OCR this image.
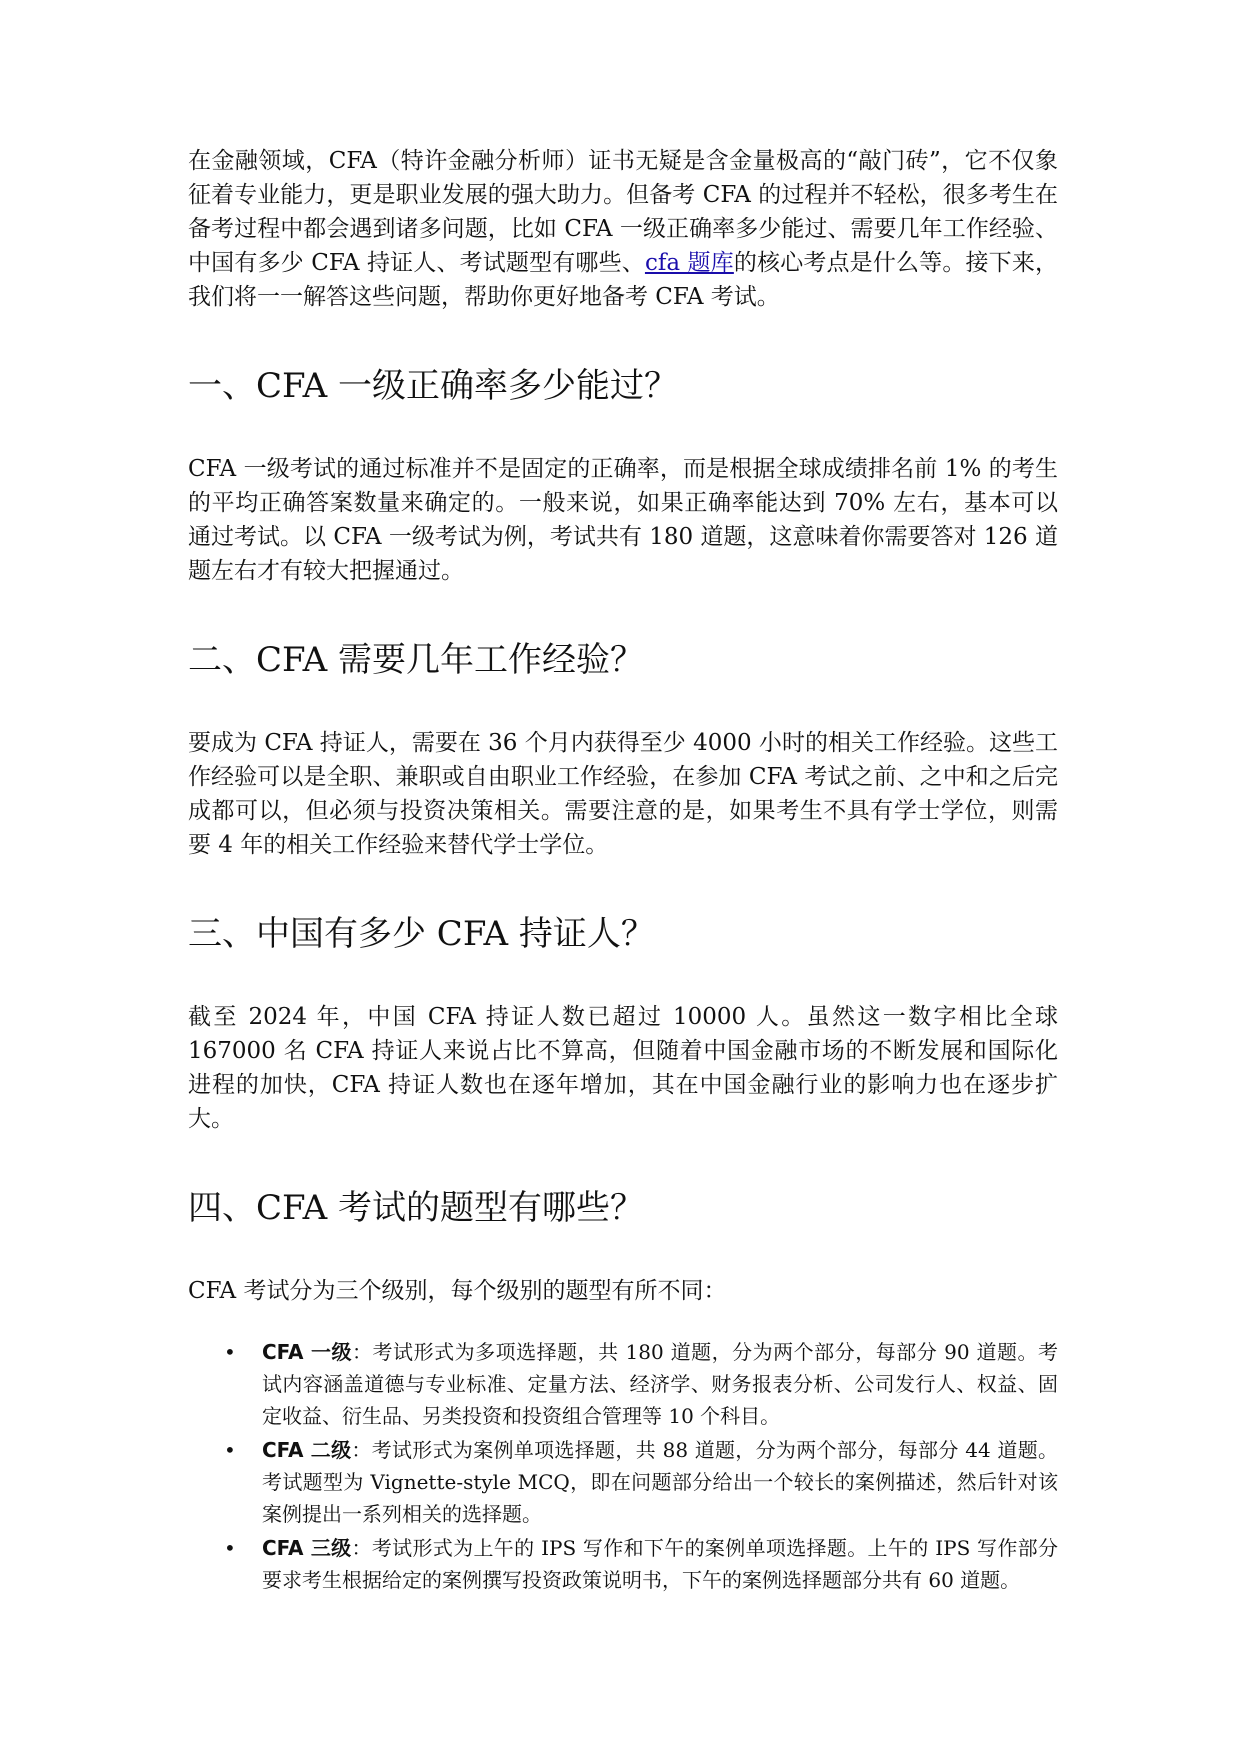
在金融领域，CFA（特许金融分析师）证书无疑是含金量极高的“敲门砖”，它不仅象征着专业能力，更是职业发展的强大助力。但备考 CFA 的过程并不轻松，很多考生在备考过程中都会遇到诸多问题，比如 CFA 一级正确率多少能过、需要几年工作经验、中国有多少 CFA 持证人、考试题型有哪些、cfa 题库的核心考点是什么等。接下来，我们将一一解答这些问题，帮助你更好地备考 CFA 考试。

一、CFA 一级正确率多少能过？

CFA 一级考试的通过标准并不是固定的正确率，而是根据全球成绩排名前 1% 的考生的平均正确答案数量来确定的。一般来说，如果正确率能达到 70% 左右，基本可以通过考试。以 CFA 一级考试为例，考试共有 180 道题，这意味着你需要答对 126 道题左右才有较大把握通过。

二、CFA 需要几年工作经验？

要成为 CFA 持证人，需要在 36 个月内获得至少 4000 小时的相关工作经验。这些工作经验可以是全职、兼职或自由职业工作经验，在参加 CFA 考试之前、之中和之后完成都可以，但必须与投资决策相关。需要注意的是，如果考生不具有学士学位，则需要 4 年的相关工作经验来替代学士学位。

三、中国有多少 CFA 持证人？

截至 2024 年，中国 CFA 持证人数已超过 10000 人。虽然这一数字相比全球 167000 名 CFA 持证人来说占比不算高，但随着中国金融市场的不断发展和国际化进程的加快，CFA 持证人数也在逐年增加，其在中国金融行业的影响力也在逐步扩大。

四、CFA 考试的题型有哪些？

CFA 考试分为三个级别，每个级别的题型有所不同：

• CFA 一级：考试形式为多项选择题，共 180 道题，分为两个部分，每部分 90 道题。考试内容涵盖道德与专业标准、定量方法、经济学、财务报表分析、公司发行人、权益、固定收益、衍生品、另类投资和投资组合管理等 10 个科目。
• CFA 二级：考试形式为案例单项选择题，共 88 道题，分为两个部分，每部分 44 道题。考试题型为 Vignette-style MCQ，即在问题部分给出一个较长的案例描述，然后针对该案例提出一系列相关的选择题。
• CFA 三级：考试形式为上午的 IPS 写作和下午的案例单项选择题。上午的 IPS 写作部分要求考生根据给定的案例撰写投资政策说明书，下午的案例选择题部分共有 60 道题。
